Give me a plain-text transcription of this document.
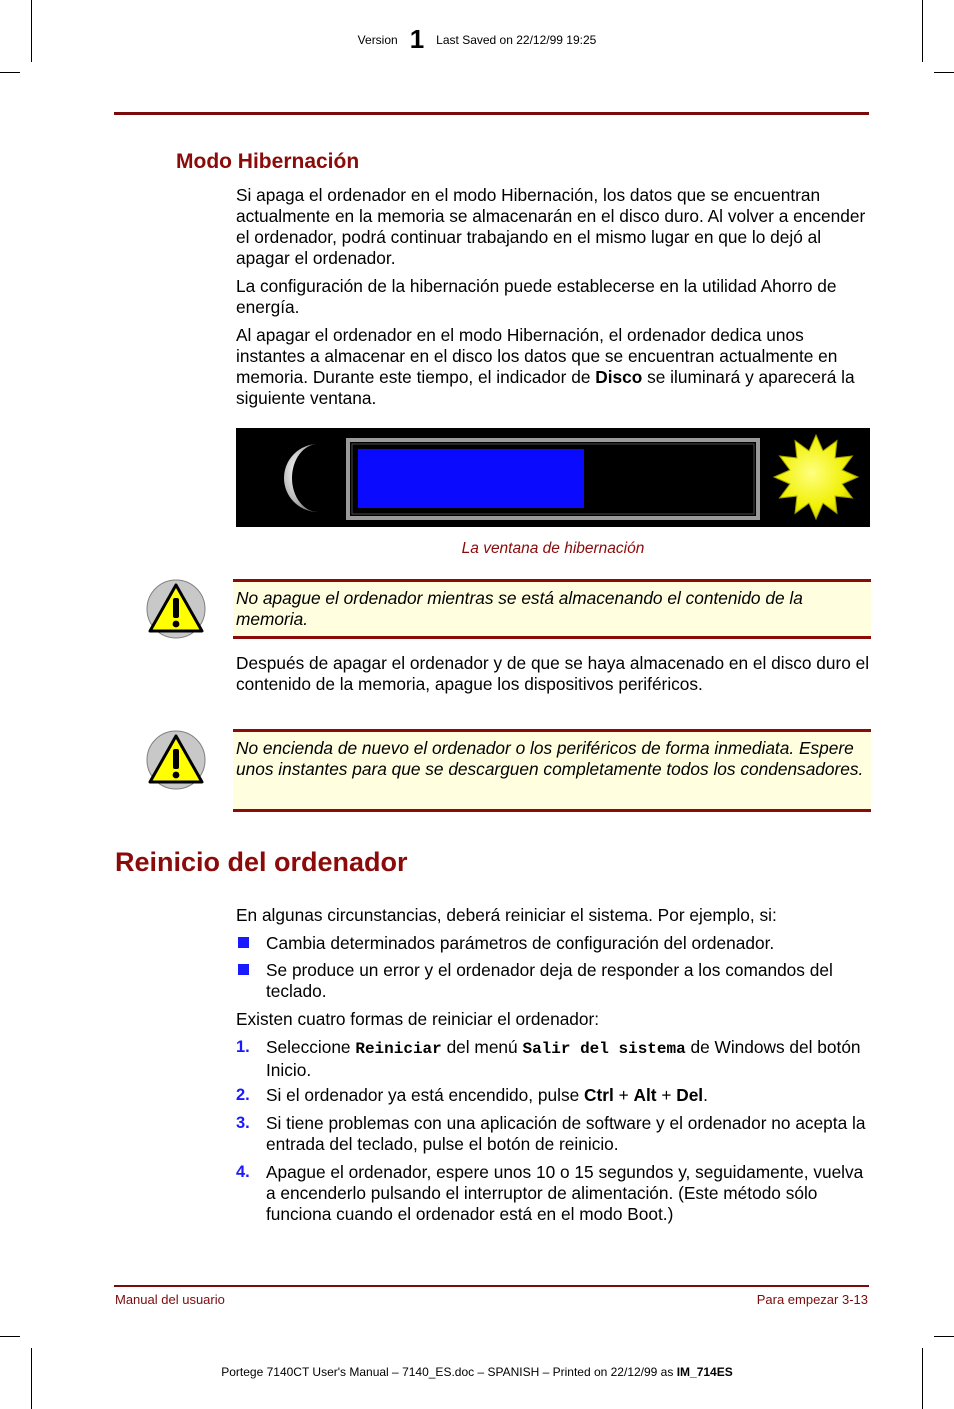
Version 1 Last Saved on 22/12/99 19:25
Modo Hibernación
Si apaga el ordenador en el modo Hibernación, los datos que se encuentran actualmente en la memoria se almacenarán en el disco duro. Al volver a encender el ordenador, podrá continuar trabajando en el mismo lugar en que lo dejó al apagar el ordenador.
La configuración de la hibernación puede establecerse en la utilidad Ahorro de energía.
Al apagar el ordenador en el modo Hibernación, el ordenador dedica unos instantes a almacenar en el disco los datos que se encuentran actualmente en memoria. Durante este tiempo, el indicador de Disco se iluminará y aparecerá la siguiente ventana.
La ventana de hibernación
No apague el ordenador mientras se está almacenando el contenido de la memoria.
Después de apagar el ordenador y de que se haya almacenado en el disco duro el contenido de la memoria, apague los dispositivos periféricos.
No encienda de nuevo el ordenador o los periféricos de forma inmediata. Espere unos instantes para que se descarguen completamente todos los condensadores.
Reinicio del ordenador
En algunas circunstancias, deberá reiniciar el sistema. Por ejemplo, si:
Cambia determinados parámetros de configuración del ordenador.
Se produce un error y el ordenador deja de responder a los comandos del teclado.
Existen cuatro formas de reiniciar el ordenador:
1. Seleccione Reiniciar del menú Salir del sistema de Windows del botón Inicio.
2. Si el ordenador ya está encendido, pulse Ctrl + Alt + Del.
3. Si tiene problemas con una aplicación de software y el ordenador no acepta la entrada del teclado, pulse el botón de reinicio.
4. Apague el ordenador, espere unos 10 o 15 segundos y, seguidamente, vuelva a encenderlo pulsando el interruptor de alimentación. (Este método sólo funciona cuando el ordenador está en el modo Boot.)
Manual del usuario	Para empezar 3-13
Portege 7140CT User's Manual – 7140_ES.doc – SPANISH – Printed on 22/12/99 as IM_714ES
